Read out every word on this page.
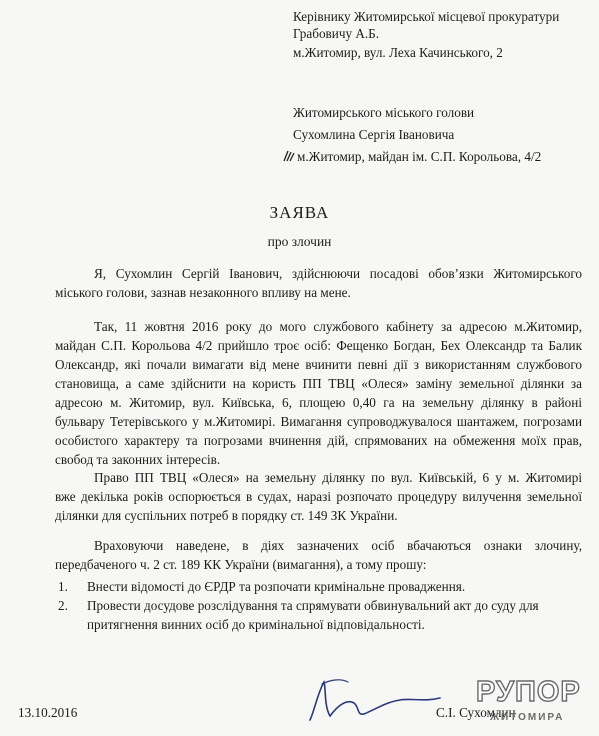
Керівнику Житомирської місцевої прокуратури
Грабовичу А.Б.
м.Житомир, вул. Леха Качинського, 2
Житомирського міського голови
Сухомлина Сергія Івановича
м.Житомир, майдан ім. С.П. Корольова, 4/2
ЗАЯВА
про злочин
Я, Сухомлин Сергій Іванович, здійснюючи посадові обов’язки Житомирського
міського голови, зазнав незаконного впливу на мене.
Так, 11 жовтня 2016 року до мого службового кабінету за адресою м.Житомир,
майдан С.П. Корольова 4/2 прийшло троє осіб: Фещенко Богдан, Бех Олександр та Балик
Олександр, які почали вимагати від мене вчинити певні дії з використанням службового
становища, а саме здійснити на користь ПП ТВЦ «Олеся» заміну земельної ділянки за
адресою м. Житомир, вул. Київська, 6, площею 0,40 га на земельну ділянку в районі
бульвару Тетерівського у м.Житомирі. Вимагання супроводжувалося шантажем, погрозами
особистого характеру та погрозами вчинення дій, спрямованих на обмеження моїх прав,
свобод та законних інтересів.
Право ПП ТВЦ «Олеся» на земельну ділянку по вул. Київській, 6 у м. Житомирі
вже декілька років оспорюється в судах, наразі розпочато процедуру вилучення земельної
ділянки для суспільних потреб в порядку ст. 149 ЗК України.
Враховуючи наведене, в діях зазначених осіб вбачаються ознаки злочину,
передбаченого ч. 2 ст. 189 КК України (вимагання), а тому прошу:
1. Внести відомості до ЄРДР та розпочати кримінальне провадження.
2. Провести досудове розслідування та спрямувати обвинувальний акт до суду для
притягнення винних осіб до кримінальної відповідальності.
13.10.2016	С.І. Сухомлин
РУПОР
ЖИТОМИРА
